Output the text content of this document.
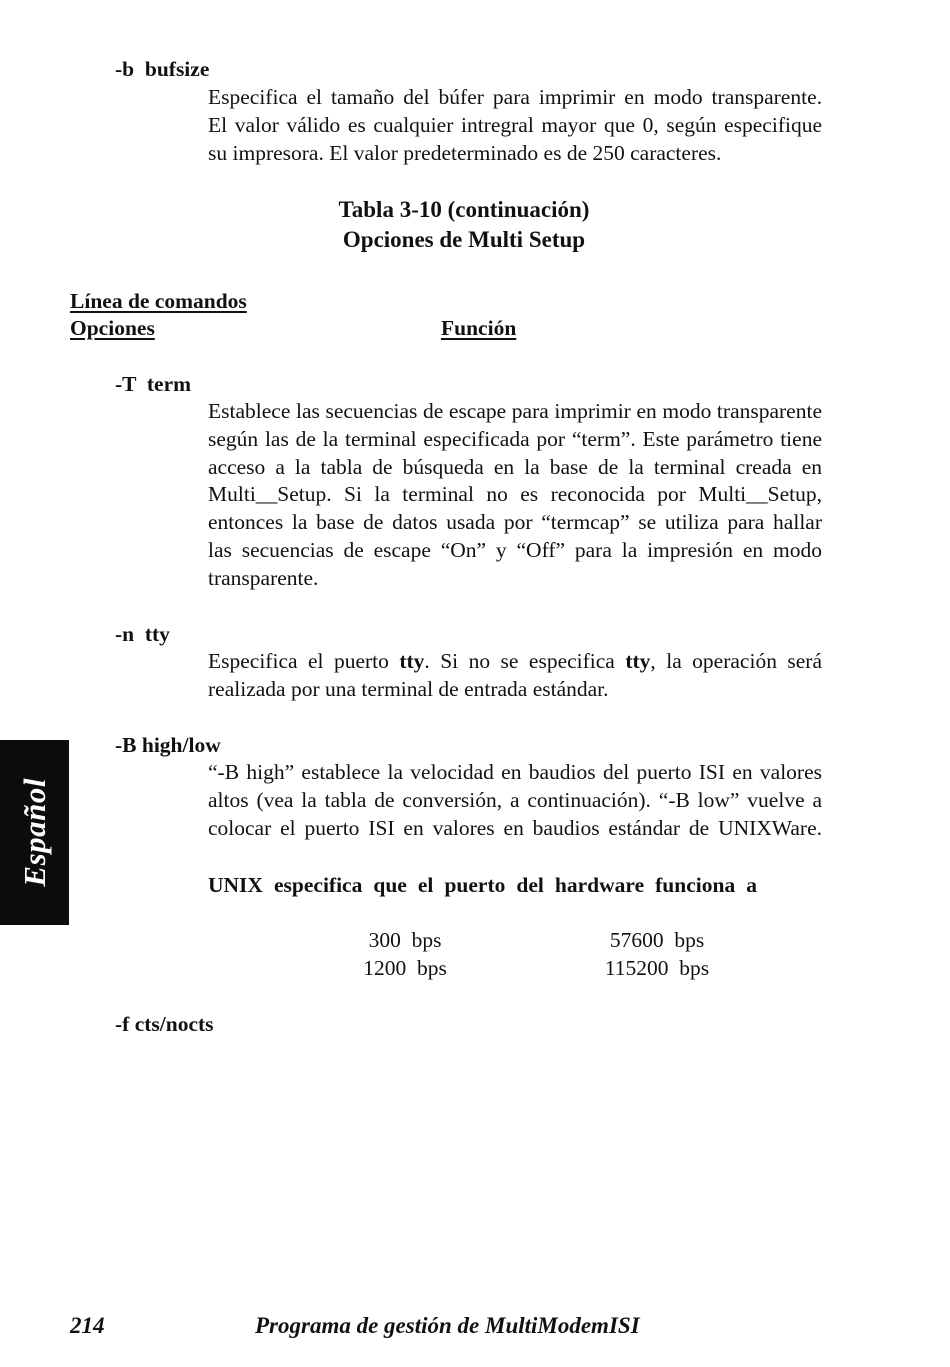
-b  bufsize
Especifica el tamaño del búfer para imprimir en modo transparente.
El valor válido es cualquier intregral mayor que 0, según especifique
su impresora. El valor predeterminado es de 250 caracteres.
Tabla 3-10 (continuación)
Opciones de Multi Setup
Línea de comandos
Opciones	Función
-T  term
Establece las secuencias de escape para imprimir en modo transparente
según las de la terminal especificada por “term”. Este parámetro tiene
acceso a la tabla de búsqueda en la base de la terminal creada en
Multi__Setup. Si la terminal no es reconocida por Multi__Setup,
entonces la base de datos usada por “termcap” se utiliza para hallar
las secuencias de escape “On” y “Off” para la impresión en modo
transparente.
-n  tty
Especifica el puerto tty. Si no se especifica tty, la operación será
realizada por una terminal de entrada estándar.
-B high/low
“-B high” establece la velocidad en baudios del puerto ISI en valores
altos (vea la tabla de conversión, a continuación). “-B low” vuelve a
colocar el puerto ISI en valores en baudios estándar de UNIXWare.
UNIX especifica que el puerto del hardware funciona a
300  bps	57600  bps
1200  bps	115200  bps
-f cts/nocts
Español
214	Programa de gestión de MultiModemISI
